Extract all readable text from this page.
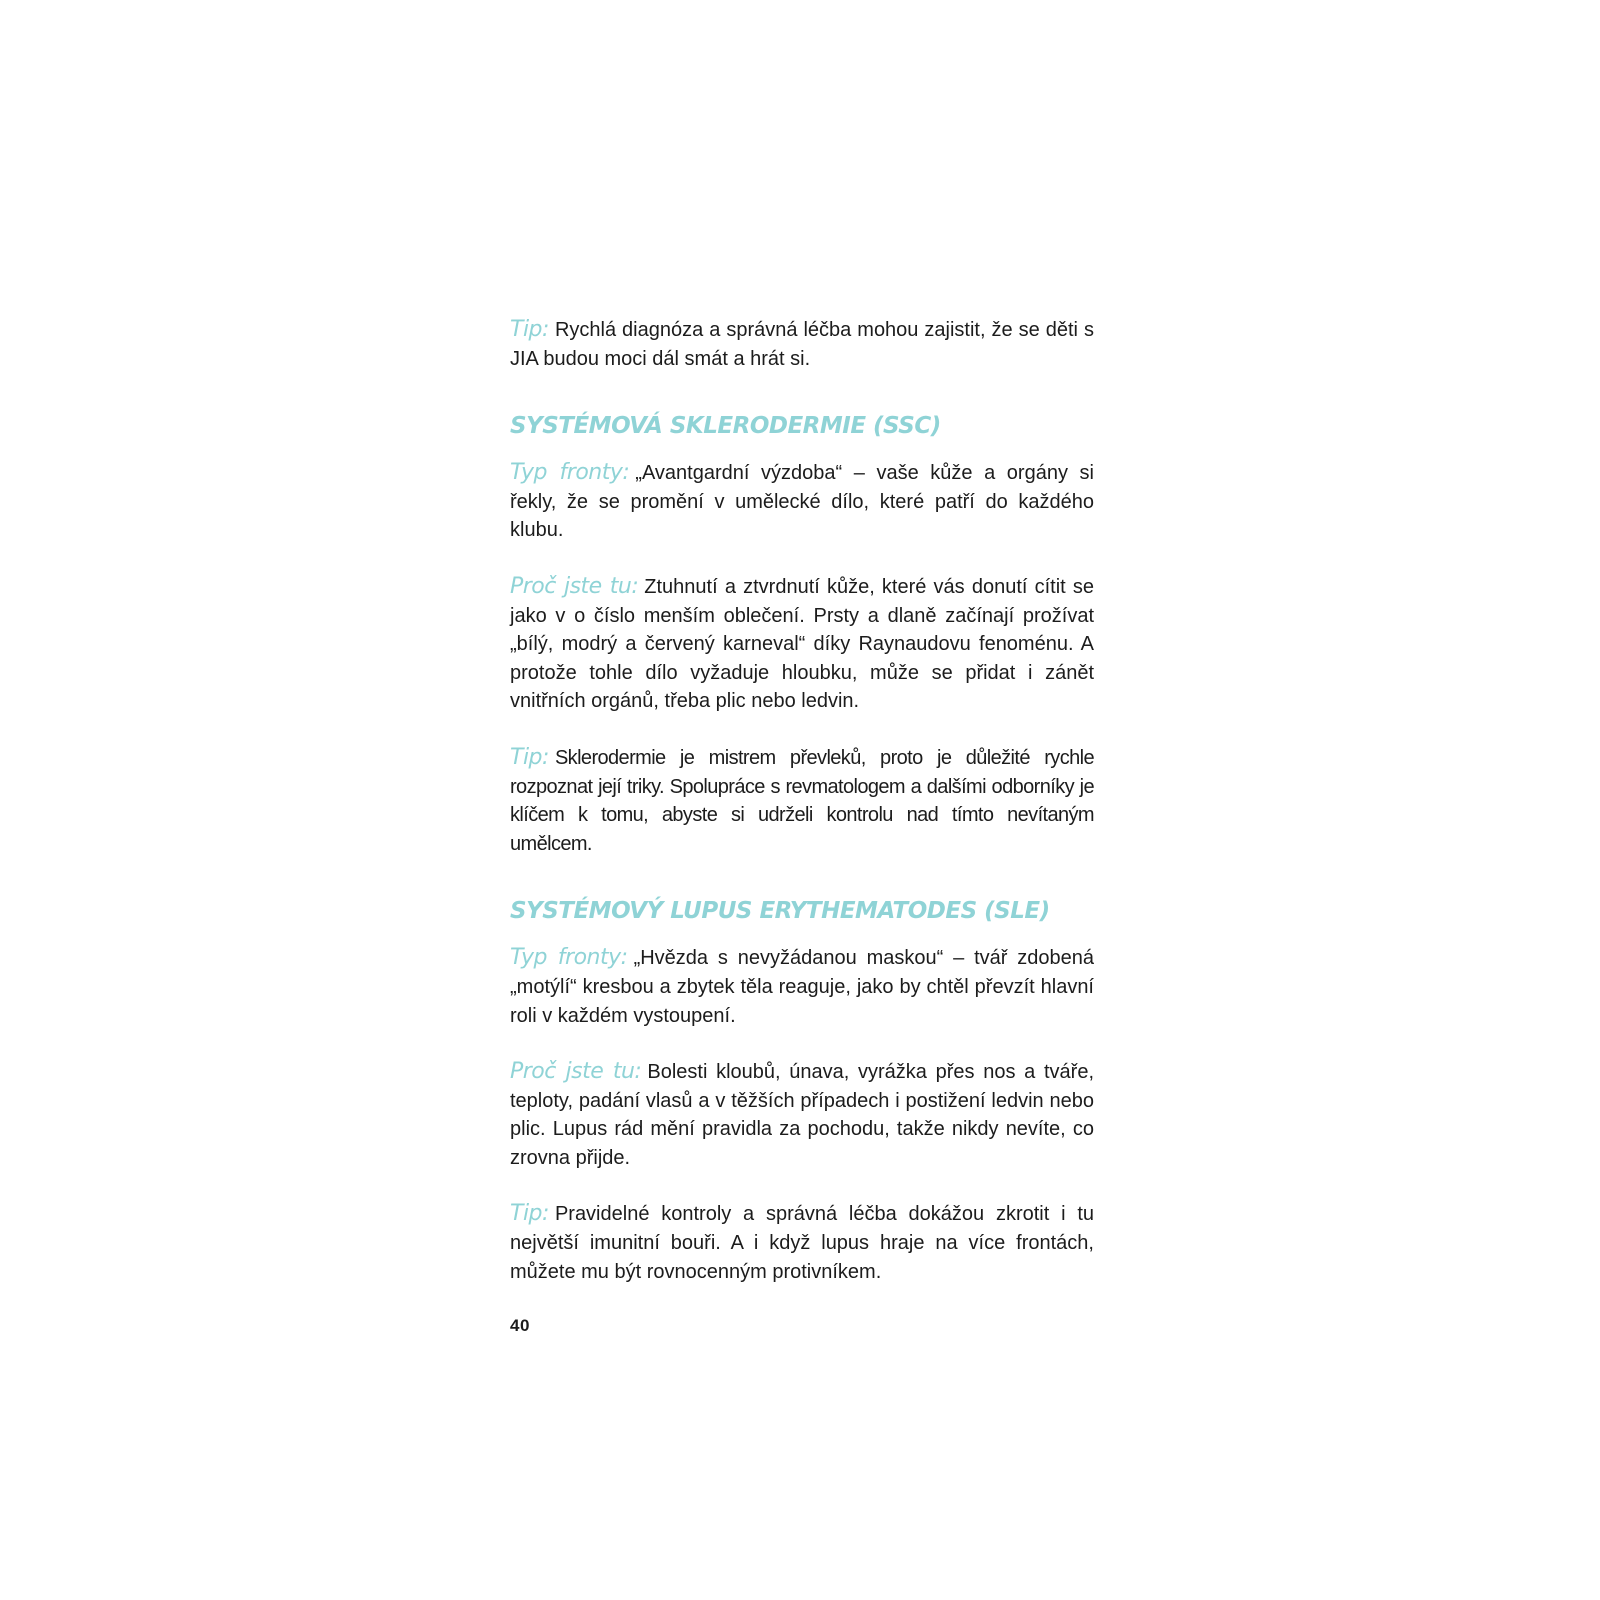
Tip: Rychlá diagnóza a správná léčba mohou zajistit, že se děti s JIA budou moci dál smát a hrát si.

SYSTÉMOVÁ SKLERODERMIE (SSC)

Typ fronty: „Avantgardní výzdoba“ – vaše kůže a orgány si řekly, že se promění v umělecké dílo, které patří do každého klubu.

Proč jste tu: Ztuhnutí a ztvrdnutí kůže, které vás donutí cítit se jako v o číslo menším oblečení. Prsty a dlaně začínají prožívat „bílý, modrý a červený karneval“ díky Raynaudovu fenoménu. A protože tohle dílo vyžaduje hloubku, může se přidat i zánět vnitřních orgánů, třeba plic nebo ledvin.

Tip: Sklerodermie je mistrem převleků, proto je důležité rychle rozpoznat její triky. Spolupráce s revmatologem a dalšími odborníky je klíčem k tomu, abyste si udrželi kontrolu nad tímto nevítaným umělcem.

SYSTÉMOVÝ LUPUS ERYTHEMATODES (SLE)

Typ fronty: „Hvězda s nevyžádanou maskou“ – tvář zdobená „motýlí“ kresbou a zbytek těla reaguje, jako by chtěl převzít hlavní roli v každém vystoupení.

Proč jste tu: Bolesti kloubů, únava, vyrážka přes nos a tváře, teploty, padání vlasů a v těžších případech i postižení ledvin nebo plic. Lupus rád mění pravidla za pochodu, takže nikdy nevíte, co zrovna přijde.

Tip: Pravidelné kontroly a správná léčba dokážou zkrotit i tu největší imunitní bouři. A i když lupus hraje na více frontách, můžete mu být rovnocenným protivníkem.

40
